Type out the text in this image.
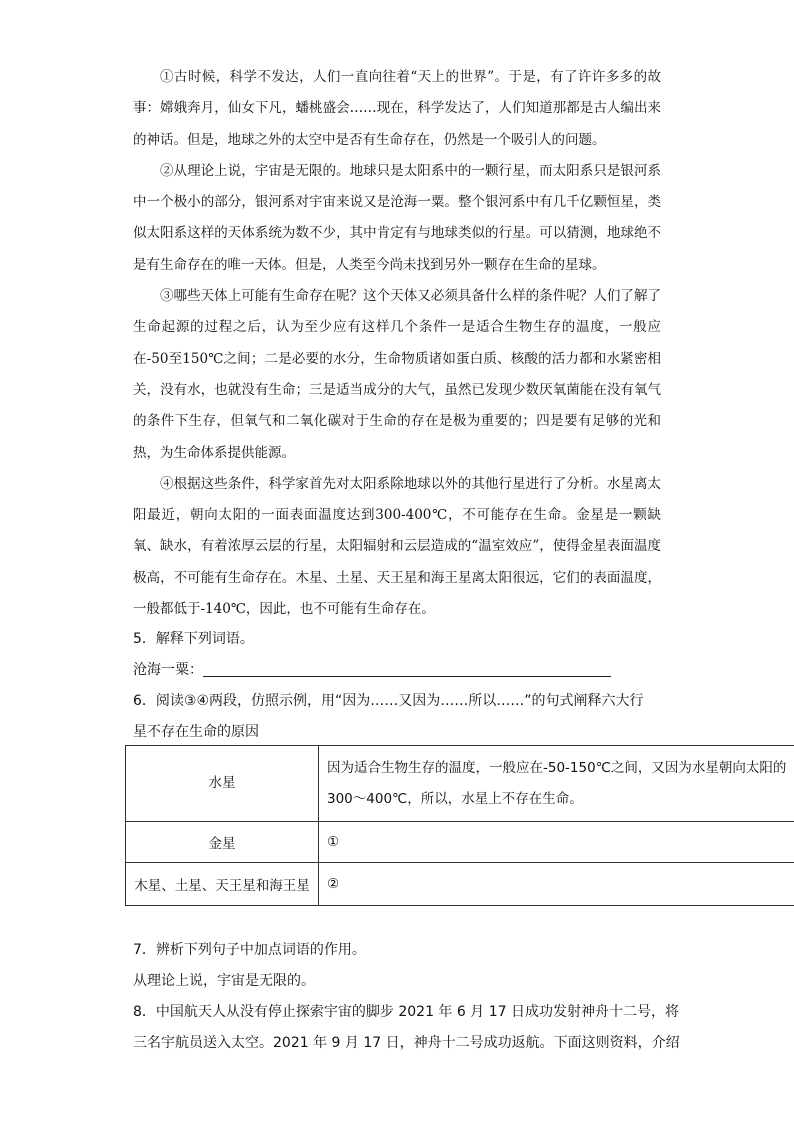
①古时候，科学不发达，人们一直向往着“天上的世界”。于是，有了许许多多的故事：嫦娥奔月，仙女下凡，蟠桃盛会……现在，科学发达了，人们知道那都是古人编出来的神话。但是，地球之外的太空中是否有生命存在，仍然是一个吸引人的问题。

②从理论上说，宇宙是无限的。地球只是太阳系中的一颗行星，而太阳系只是银河系中一个极小的部分，银河系对宇宙来说又是沧海一粟。整个银河系中有几千亿颗恒星，类似太阳系这样的天体系统为数不少，其中肯定有与地球类似的行星。可以猜测，地球绝不是有生命存在的唯一天体。但是，人类至今尚未找到另外一颗存在生命的星球。

③哪些天体上可能有生命存在呢？这个天体又必须具备什么样的条件呢？人们了解了生命起源的过程之后，认为至少应有这样几个条件一是适合生物生存的温度，一般应在-50至150℃之间；二是必要的水分，生命物质诸如蛋白质、核酸的活力都和水紧密相关，没有水，也就没有生命；三是适当成分的大气，虽然已发现少数厌氧菌能在没有氧气的条件下生存，但氧气和二氧化碳对于生命的存在是极为重要的；四是要有足够的光和热，为生命体系提供能源。

④根据这些条件，科学家首先对太阳系除地球以外的其他行星进行了分析。水星离太阳最近，朝向太阳的一面表面温度达到300-400℃，不可能存在生命。金星是一颗缺氧、缺水，有着浓厚云层的行星，太阳辐射和云层造成的“温室效应”，使得金星表面温度极高，不可能有生命存在。木星、土星、天王星和海王星离太阳很远，它们的表面温度，一般都低于-140℃，因此，也不可能有生命存在。

5．解释下列词语。

沧海一粟：

6．阅读③④两段，仿照示例，用“因为……又因为……所以……”的句式阐释六大行

星不存在生命的原因

水星	因为适合生物生存的温度，一般应在-50-150℃之间，又因为水星朝向太阳的
300～400℃，所以，水星上不存在生命。

金星	①
木星、土星、天王星和海王星	②

7．辨析下列句子中加点词语的作用。

从理论上说，宇宙是无限的。

8．中国航天人从没有停止探索宇宙的脚步 2021 年 6 月 17 日成功发射神舟十二号，将

三名宇航员送入太空。2021 年 9 月 17 日，神舟十二号成功返航。下面这则资料，介绍
